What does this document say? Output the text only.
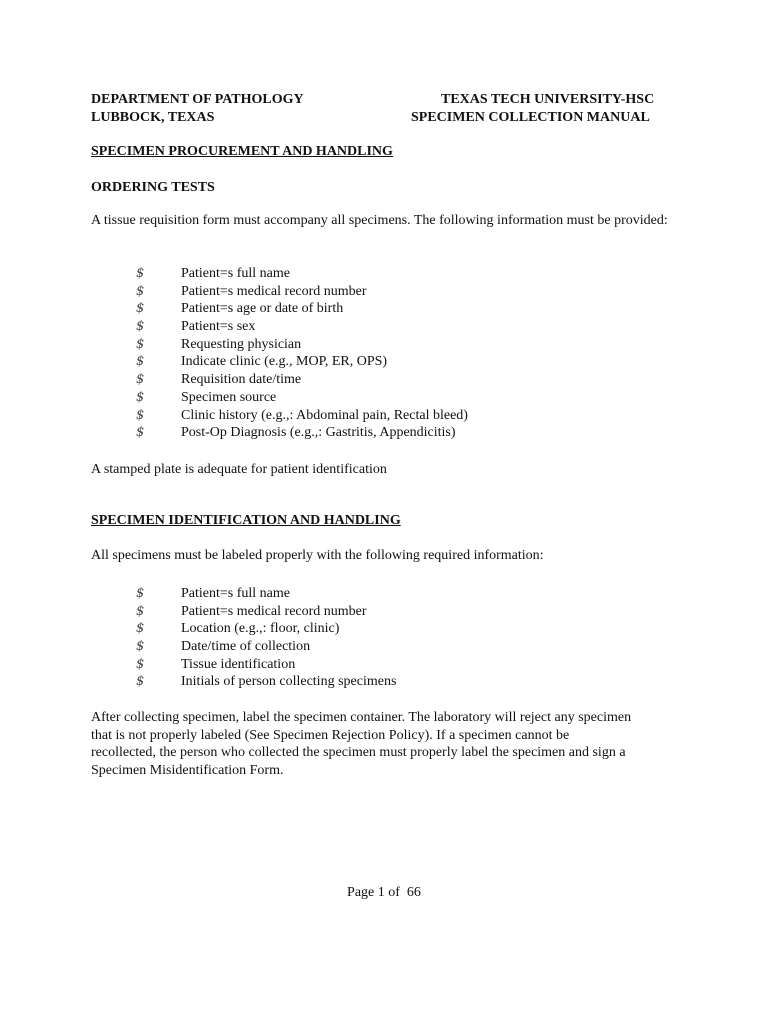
DEPARTMENT OF PATHOLOGY
LUBBOCK, TEXAS
TEXAS TECH UNIVERSITY-HSC
SPECIMEN COLLECTION MANUAL
SPECIMEN PROCUREMENT AND HANDLING
ORDERING TESTS
A tissue requisition form must accompany all specimens. The following information must be provided:
$	Patient=s full name
$	Patient=s medical record number
$	Patient=s age or date of birth
$	Patient=s sex
$	Requesting physician
$	Indicate clinic (e.g., MOP, ER, OPS)
$	Requisition date/time
$	Specimen source
$	Clinic history (e.g.,: Abdominal pain, Rectal bleed)
$	Post-Op Diagnosis (e.g.,: Gastritis, Appendicitis)
A stamped plate is adequate for patient identification
SPECIMEN IDENTIFICATION AND HANDLING
All specimens must be labeled properly with the following required information:
$	Patient=s full name
$	Patient=s medical record number
$	Location (e.g.,: floor, clinic)
$	Date/time of collection
$	Tissue identification
$	Initials of person collecting specimens
After collecting specimen, label the specimen container. The laboratory will reject any specimen
that is not properly labeled (See Specimen Rejection Policy). If a specimen cannot be
recollected, the person who collected the specimen must properly label the specimen and sign a
Specimen Misidentification Form.
Page 1 of  66
